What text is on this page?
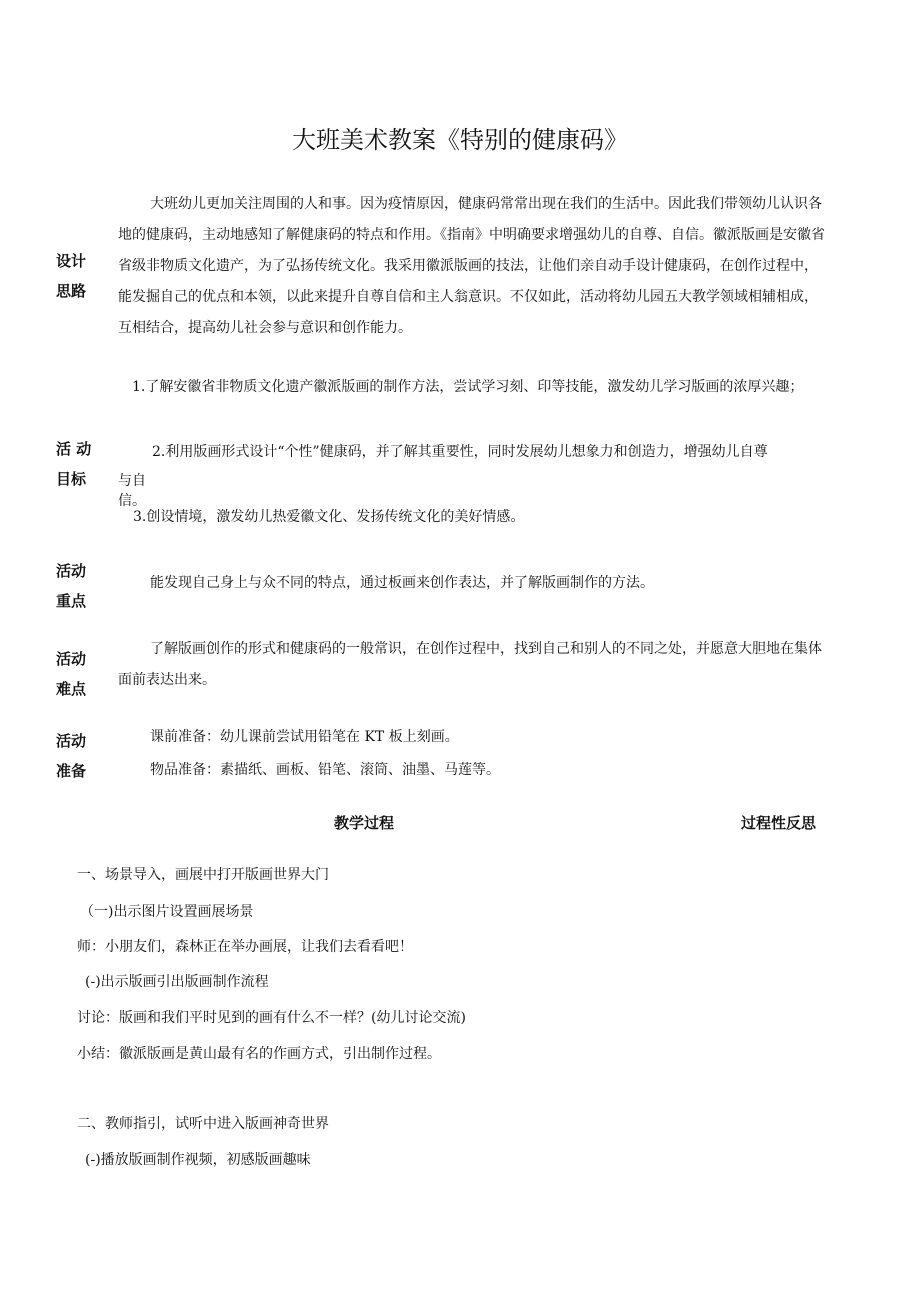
大班美术教案《特别的健康码》
设计
思路
大班幼儿更加关注周围的人和事。因为疫情原因，健康码常常出现在我们的生活中。因此我们带领幼儿认识各地的健康码，主动地感知了解健康码的特点和作用。《指南》中明确要求增强幼儿的自尊、自信。徽派版画是安徽省省级非物质文化遗产，为了弘扬传统文化。我采用徽派版画的技法，让他们亲自动手设计健康码，在创作过程中，能发掘自己的优点和本领，以此来提升自尊自信和主人翁意识。不仅如此，活动将幼儿园五大教学领域相辅相成，互相结合，提高幼儿社会参与意识和创作能力。
活 动
目标
1.了解安徽省非物质文化遗产徽派版画的制作方法，尝试学习刻、印等技能，激发幼儿学习版画的浓厚兴趣；
2.利用版画形式设计“个性”健康码，并了解其重要性，同时发展幼儿想象力和创造力，增强幼儿自尊
与自
信。
3.创设情境，激发幼儿热爱徽文化、发扬传统文化的美好情感。
活动
重点
能发现自己身上与众不同的特点，通过板画来创作表达，并了解版画制作的方法。
活动
难点
了解版画创作的形式和健康码的一般常识，在创作过程中，找到自己和别人的不同之处，并愿意大胆地在集体面前表达出来。
活动
准备
课前准备：幼儿课前尝试用铅笔在 KT 板上刻画。
物品准备：素描纸、画板、铅笔、滚筒、油墨、马莲等。
教学过程	过程性反思
一、场景导入，画展中打开版画世界大门
（一)出示图片设置画展场景
师：小朋友们，森林正在举办画展，让我们去看看吧！
(-)出示版画引出版画制作流程
讨论：版画和我们平时见到的画有什么不一样？(幼儿讨论交流)
小结：徽派版画是黄山最有名的作画方式，引出制作过程。
二、教师指引，试听中进入版画神奇世界
(-)播放版画制作视频，初感版画趣味
